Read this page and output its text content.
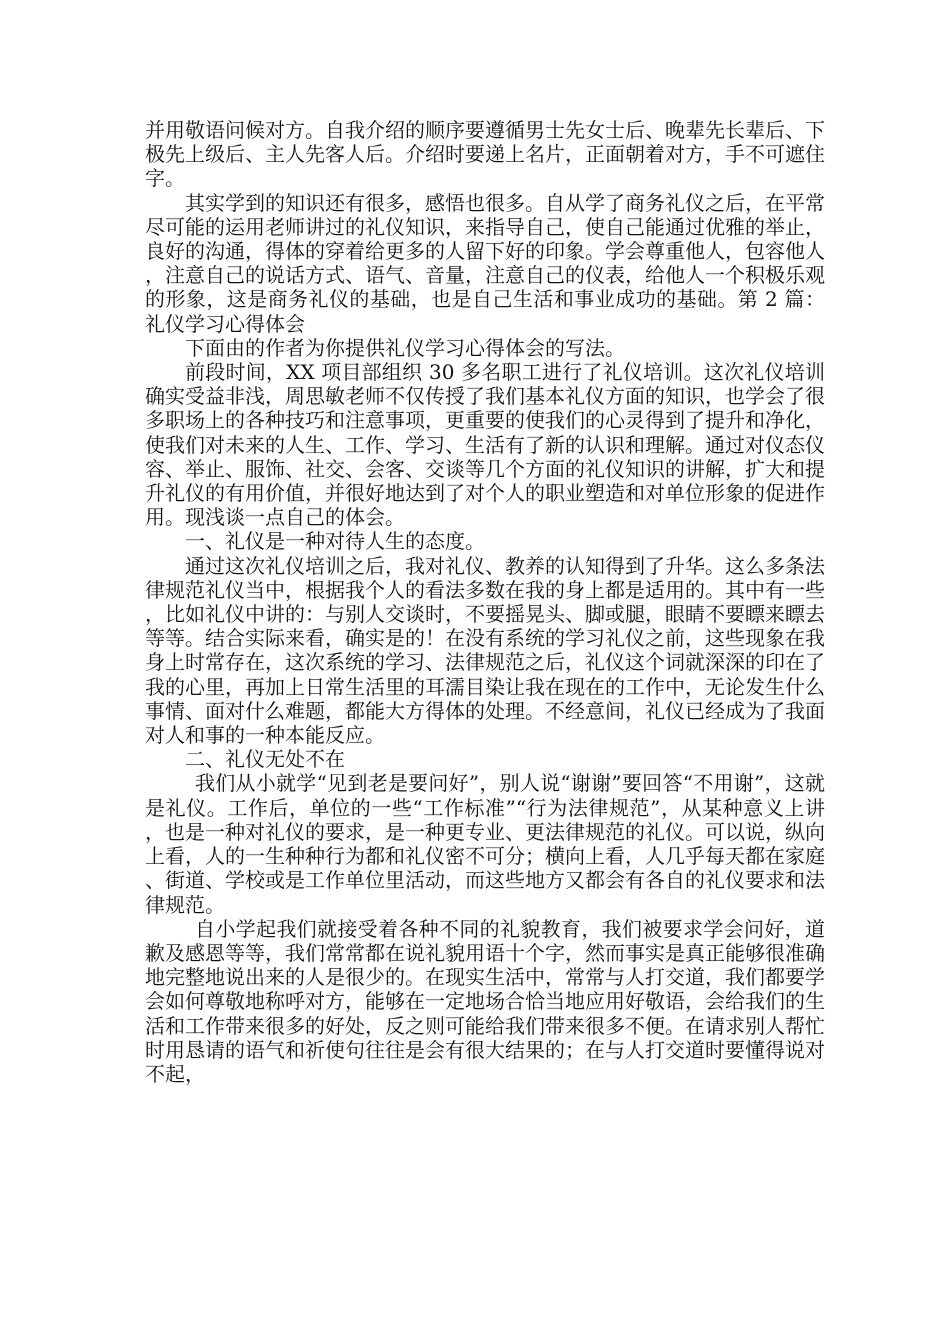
并用敬语问候对方。自我介绍的顺序要遵循男士先女士后、晚辈先长辈后、下极先上级后、主人先客人后。介绍时要递上名片，正面朝着对方，手不可遮住字。

其实学到的知识还有很多，感悟也很多。自从学了商务礼仪之后，在平常尽可能的运用老师讲过的礼仪知识，来指导自己，使自己能通过优雅的举止，良好的沟通，得体的穿着给更多的人留下好的印象。学会尊重他人，包容他人，注意自己的说话方式、语气、音量，注意自己的仪表，给他人一个积极乐观的形象，这是商务礼仪的基础，也是自己生活和事业成功的基础。第 2 篇：礼仪学习心得体会

下面由的作者为你提供礼仪学习心得体会的写法。

前段时间，XX 项目部组织 30 多名职工进行了礼仪培训。这次礼仪培训确实受益非浅，周思敏老师不仅传授了我们基本礼仪方面的知识，也学会了很多职场上的各种技巧和注意事项，更重要的使我们的心灵得到了提升和净化，使我们对未来的人生、工作、学习、生活有了新的认识和理解。通过对仪态仪容、举止、服饰、社交、会客、交谈等几个方面的礼仪知识的讲解，扩大和提升礼仪的有用价值，并很好地达到了对个人的职业塑造和对单位形象的促进作用。现浅谈一点自己的体会。

一、礼仪是一种对待人生的态度。

通过这次礼仪培训之后，我对礼仪、教养的认知得到了升华。这么多条法律规范礼仪当中，根据我个人的看法多数在我的身上都是适用的。其中有一些，比如礼仪中讲的：与别人交谈时，不要摇晃头、脚或腿，眼睛不要瞟来瞟去等等。结合实际来看，确实是的！在没有系统的学习礼仪之前，这些现象在我身上时常存在，这次系统的学习、法律规范之后，礼仪这个词就深深的印在了我的心里，再加上日常生活里的耳濡目染让我在现在的工作中，无论发生什么事情、面对什么难题，都能大方得体的处理。不经意间，礼仪已经成为了我面对人和事的一种本能反应。

二、礼仪无处不在

我们从小就学“见到老是要问好”，别人说“谢谢”要回答“不用谢”，这就是礼仪。工作后，单位的一些“工作标准”“行为法律规范”，从某种意义上讲，也是一种对礼仪的要求，是一种更专业、更法律规范的礼仪。可以说，纵向上看，人的一生种种行为都和礼仪密不可分；横向上看，人几乎每天都在家庭、街道、学校或是工作单位里活动，而这些地方又都会有各自的礼仪要求和法律规范。

自小学起我们就接受着各种不同的礼貌教育，我们被要求学会问好，道歉及感恩等等，我们常常都在说礼貌用语十个字，然而事实是真正能够很准确地完整地说出来的人是很少的。在现实生活中，常常与人打交道，我们都要学会如何尊敬地称呼对方，能够在一定地场合恰当地应用好敬语，会给我们的生活和工作带来很多的好处，反之则可能给我们带来很多不便。在请求别人帮忙时用恳请的语气和祈使句往往是会有很大结果的；在与人打交道时要懂得说对不起，
